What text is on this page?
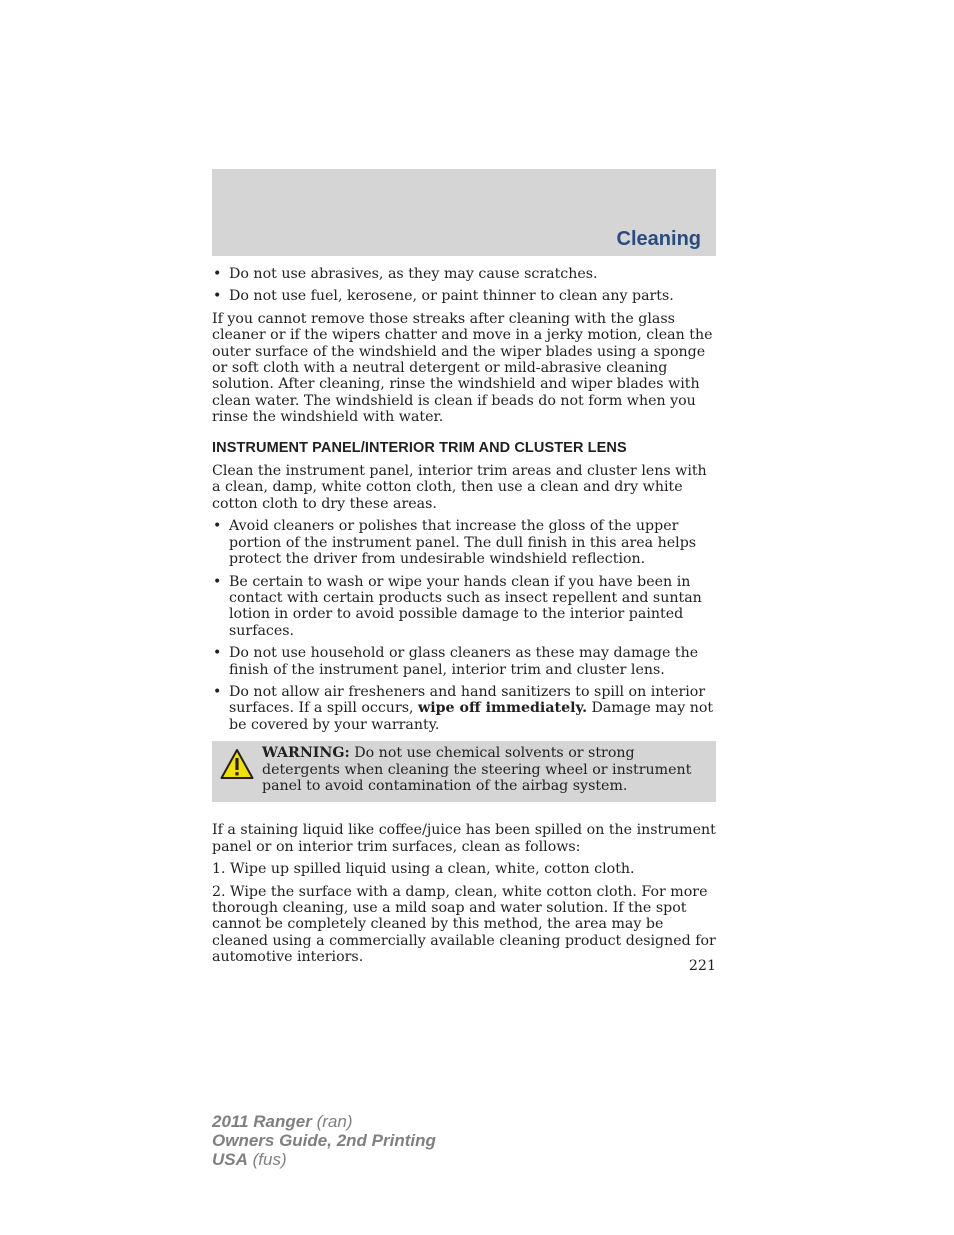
Cleaning
• Do not use abrasives, as they may cause scratches.
• Do not use fuel, kerosene, or paint thinner to clean any parts.

If you cannot remove those streaks after cleaning with the glass cleaner or if the wipers chatter and move in a jerky motion, clean the outer surface of the windshield and the wiper blades using a sponge or soft cloth with a neutral detergent or mild-abrasive cleaning solution. After cleaning, rinse the windshield and wiper blades with clean water. The windshield is clean if beads do not form when you rinse the windshield with water.

INSTRUMENT PANEL/INTERIOR TRIM AND CLUSTER LENS

Clean the instrument panel, interior trim areas and cluster lens with a clean, damp, white cotton cloth, then use a clean and dry white cotton cloth to dry these areas.

• Avoid cleaners or polishes that increase the gloss of the upper portion of the instrument panel. The dull finish in this area helps protect the driver from undesirable windshield reflection.
• Be certain to wash or wipe your hands clean if you have been in contact with certain products such as insect repellent and suntan lotion in order to avoid possible damage to the interior painted surfaces.
• Do not use household or glass cleaners as these may damage the finish of the instrument panel, interior trim and cluster lens.
• Do not allow air fresheners and hand sanitizers to spill on interior surfaces. If a spill occurs, wipe off immediately. Damage may not be covered by your warranty.
WARNING: Do not use chemical solvents or strong detergents when cleaning the steering wheel or instrument panel to avoid contamination of the airbag system.

If a staining liquid like coffee/juice has been spilled on the instrument panel or on interior trim surfaces, clean as follows:

1. Wipe up spilled liquid using a clean, white, cotton cloth.

2. Wipe the surface with a damp, clean, white cotton cloth. For more thorough cleaning, use a mild soap and water solution. If the spot cannot be completely cleaned by this method, the area may be cleaned using a commercially available cleaning product designed for automotive interiors.

221
2011 Ranger (ran)
Owners Guide, 2nd Printing
USA (fus)
